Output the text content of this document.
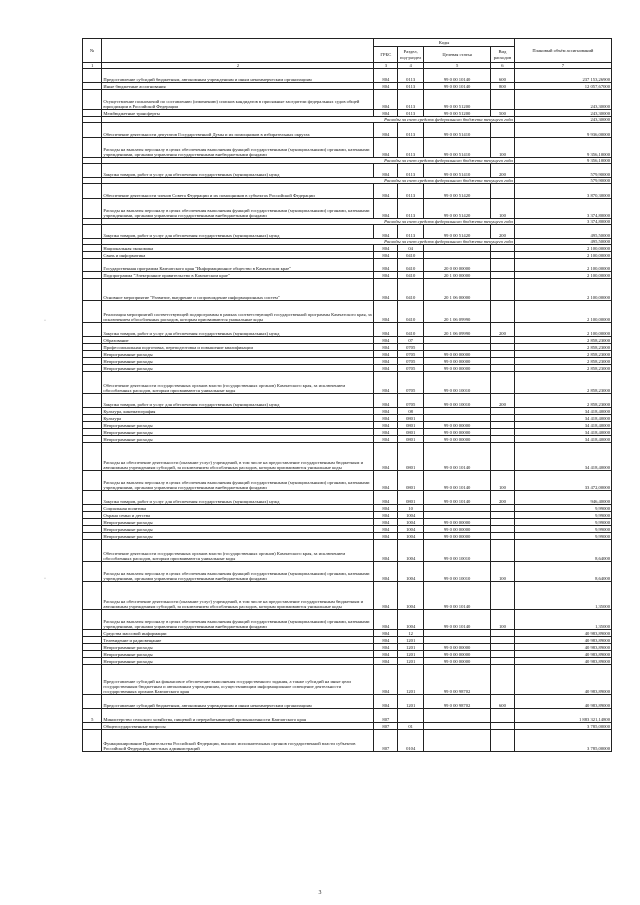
№		Коды				Плановый объём ассигнований
		ГРБС	Раздел, под-раздел	Целевая статья	Вид расходов	
1	2	3	4	5	6	7
	Предоставление субсидий бюджетным, автономным учреждениям и иным некоммерческим организациям	804	0113	99 0 00 10140	600	237 153,26900
	Иные бюджетные ассигнования	804	0113	99 0 00 10140	800	12 057,67000
	Осуществление полномочий по составлению (изменению) списков кандидатов в присяжные заседатели федеральных судов общей юрисдикции в Российской Федерации	804	0113	99 0 00 51200		243,30000
	Межбюджетные трансферты	804	0113	99 0 00 51200	500	243,30000
	Расходы за счет средств федерального бюджета текущего года					243,30000
	Обеспечение деятельности депутатов Государственной Думы и их помощников в избирательных округах	804	0113	99 0 00 51410		9 936,00000
	Расходы на выплаты персоналу в целях обеспечения выполнения функций государственными (муниципальными) органами, казенными учреждениями, органами управления государственными внебюджетными фондами	804	0113	99 0 00 51410	100	9 356,10000
	Расходы за счет средств федерального бюджета текущего года					9 356,10000
	Закупка товаров, работ и услуг для обеспечения государственных (муниципальных) нужд	804	0113	99 0 00 51410	200	579,90000
	Расходы за счет средств федерального бюджета текущего года					579,90000
	Обеспечение деятельности членов Совета Федерации и их помощников в субъектах Российской Федерации	804	0113	99 0 00 51420		3 870,30000
	Расходы на выплаты персоналу в целях обеспечения выполнения функций государственными (муниципальными) органами, казенными учреждениями, органами управления государственными внебюджетными фондами	804	0113	99 0 00 51420	100	3 374,80000
	Расходы за счет средств федерального бюджета текущего года					3 374,80000
	Закупка товаров, работ и услуг для обеспечения государственных (муниципальных) нужд	804	0113	99 0 00 51420	200	495,50000
	Расходы за счет средств федерального бюджета текущего года					495,50000
	Национальная экономика	804	04			2 100,00000
	Связь и информатика	804	0410			2 100,00000
	Государственная программа Камчатского края "Информационное общество в Камчатском крае"	804	0410	20 0 00 00000		2 100,00000
	Подпрограмма "Электронное правительство в Камчатском крае"	804	0410	20 1 00 00000		2 100,00000
	Основное мероприятие "Развитие, внедрение и сопровождение информационных систем"	804	0410	20 1 06 00000		2 100,00000
	Реализация мероприятий соответствующей подпрограммы в рамках соответствующей государственной программы Камчатского края, за исключением обособленных расходов, которым присваиваются уникальные коды	804	0410	20 1 06 09990		2 100,00000
	Закупка товаров, работ и услуг для обеспечения государственных (муниципальных) нужд	804	0410	20 1 06 09990	200	2 100,00000
	Образование	804	07			2 858,23000
	Профессиональная подготовка, переподготовка и повышение квалификации	804	0705			2 858,23000
	Непрограммные расходы	804	0705	99 0 00 00000		2 858,23000
	Непрограммные расходы	804	0705	99 0 00 00000		2 858,23000
	Непрограммные расходы	804	0705	99 0 00 00000		2 858,23000
	Обеспечение деятельности государственных органов власти (государственных органов) Камчатского края, за исключением обособленных расходов, которым присваиваются уникальные коды	804	0705	99 0 00 10010		2 858,23000
	Закупка товаров, работ и услуг для обеспечения государственных (муниципальных) нужд	804	0705	99 0 00 10010	200	2 858,23000
	Культура, кинематография	804	08			34 418,40000
	Культура	804	0801			34 418,40000
	Непрограммные расходы	804	0801	99 0 00 00000		34 418,40000
	Непрограммные расходы	804	0801	99 0 00 00000		34 418,40000
	Непрограммные расходы	804	0801	99 0 00 00000		34 418,40000
	Расходы на обеспечение деятельности (оказание услуг) учреждений, в том числе на предоставление государственным бюджетным и автономным учреждениям субсидий, за исключением обособленных расходов, которым присваиваются уникальные коды	804	0801	99 0 00 10140		34 418,40000
	Расходы на выплаты персоналу в целях обеспечения выполнения функций государственными (муниципальными) органами, казенными учреждениями, органами управления государственными внебюджетными фондами	804	0801	99 0 00 10140	100	33 472,00000
	Закупка товаров, работ и услуг для обеспечения государственных (муниципальных) нужд	804	0801	99 0 00 10140	200	946,40000
	Социальная политика	804	10			9,99000
	Охрана семьи и детства	804	1004			9,99000
	Непрограммные расходы	804	1004	99 0 00 00000		9,99000
	Непрограммные расходы	804	1004	99 0 00 00000		9,99000
	Непрограммные расходы	804	1004	99 0 00 00000		9,99000
	Обеспечение деятельности государственных органов власти (государственных органов) Камчатского края, за исключением обособленных расходов, которым присваиваются уникальные коды	804	1004	99 0 00 10010		8,64000
	Расходы на выплаты персоналу в целях обеспечения выполнения функций государственными (муниципальными) органами, казенными учреждениями, органами управления государственными внебюджетными фондами	804	1004	99 0 00 10010	100	8,64000
	Расходы на обеспечение деятельности (оказание услуг) учреждений, в том числе на предоставление государственным бюджетным и автономным учреждениям субсидий, за исключением обособленных расходов, которым присваиваются уникальные коды	804	1004	99 0 00 10140		1,35000
	Расходы на выплаты персоналу в целях обеспечения выполнения функций государственными (муниципальными) органами, казенными учреждениями, органами управления государственными внебюджетными фондами	804	1004	99 0 00 10140	100	1,35000
	Средства массовой информации	804	12			40 983,89000
	Телевидение и радиовещание	804	1201			40 983,89000
	Непрограммные расходы	804	1201	99 0 00 00000		40 983,89000
	Непрограммные расходы	804	1201	99 0 00 00000		40 983,89000
	Непрограммные расходы	804	1201	99 0 00 00000		40 983,89000
	Предоставление субсидий на финансовое обеспечение выполнения государственного задания, а также субсидий на иные цели государственным бюджетным и автономным учреждениям, осуществляющим информационное освещение деятельности государственных органов Камчатского края	804	1201	99 0 00 98702		40 983,89000
	Предоставление субсидий бюджетным, автономным учреждениям и иным некоммерческим организациям	804	1201	99 0 00 98702	600	40 983,89000
5	Министерство сельского хозяйства, пищевой и перерабатывающей промышленности Камчатского края	807				1 883 321,14800
	Общегосударственные вопросы	807	01			3 785,00000
	Функционирование Правительства Российской Федерации, высших исполнительных органов государственной власти субъектов Российской Федерации, местных администраций	807	0104			3 785,00000
·
·
3
